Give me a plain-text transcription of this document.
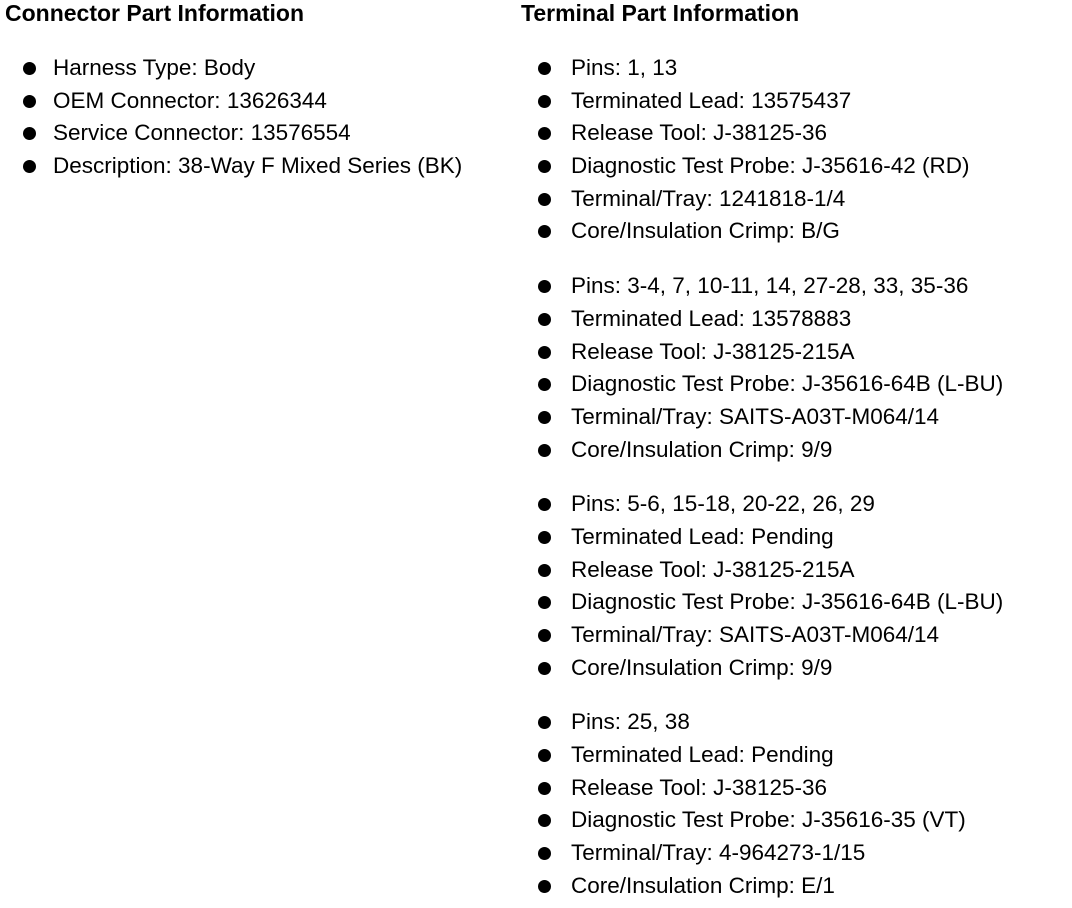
Connector Part Information
Harness Type: Body
OEM Connector: 13626344
Service Connector: 13576554
Description: 38-Way F Mixed Series (BK)
Terminal Part Information
Pins: 1, 13
Terminated Lead: 13575437
Release Tool: J-38125-36
Diagnostic Test Probe: J-35616-42 (RD)
Terminal/Tray: 1241818-1/4
Core/Insulation Crimp: B/G
Pins: 3-4, 7, 10-11, 14, 27-28, 33, 35-36
Terminated Lead: 13578883
Release Tool: J-38125-215A
Diagnostic Test Probe: J-35616-64B (L-BU)
Terminal/Tray: SAITS-A03T-M064/14
Core/Insulation Crimp: 9/9
Pins: 5-6, 15-18, 20-22, 26, 29
Terminated Lead: Pending
Release Tool: J-38125-215A
Diagnostic Test Probe: J-35616-64B (L-BU)
Terminal/Tray: SAITS-A03T-M064/14
Core/Insulation Crimp: 9/9
Pins: 25, 38
Terminated Lead: Pending
Release Tool: J-38125-36
Diagnostic Test Probe: J-35616-35 (VT)
Terminal/Tray: 4-964273-1/15
Core/Insulation Crimp: E/1
